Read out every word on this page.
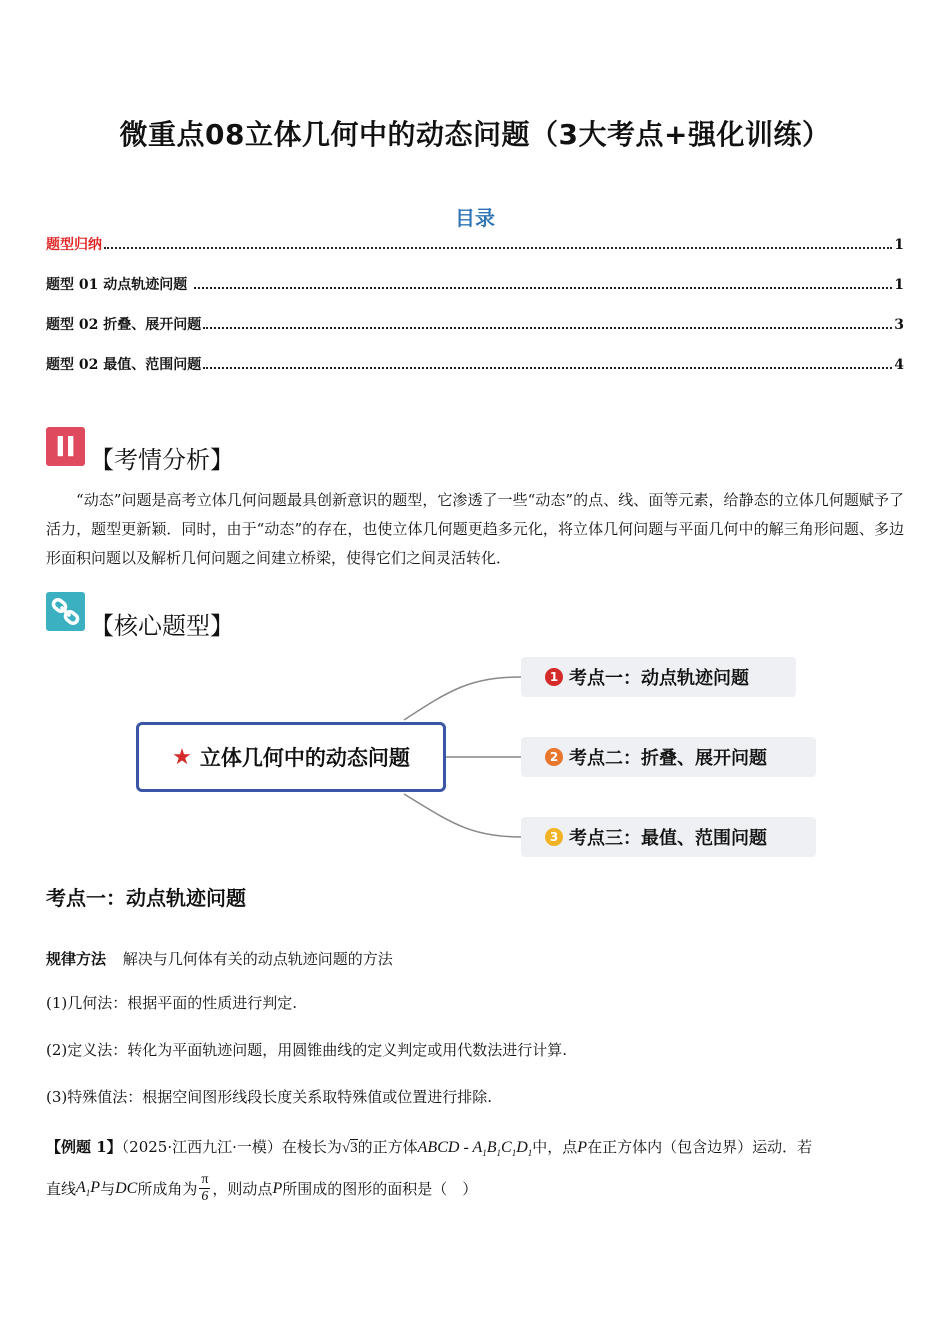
微重点08立体几何中的动态问题（3大考点+强化训练）
目录
题型归纳	1
题型 01 动点轨迹问题	1
题型 02 折叠、展开问题	3
题型 02 最值、范围问题	4
II 【考情分析】
“动态”问题是高考立体几何问题最具创新意识的题型，它渗透了一些“动态”的点、线、面等元素，给静态的立体几何题赋予了活力，题型更新颖．同时，由于“动态”的存在，也使立体几何题更趋多元化，将立体几何问题与平面几何中的解三角形问题、多边形面积问题以及解析几何问题之间建立桥梁，使得它们之间灵活转化．
【核心题型】
★ 立体几何中的动态问题
1 考点一：动点轨迹问题
2 考点二：折叠、展开问题
3 考点三：最值、范围问题
考点一：动点轨迹问题
规律方法 解决与几何体有关的动点轨迹问题的方法
(1)几何法：根据平面的性质进行判定.
(2)定义法：转化为平面轨迹问题，用圆锥曲线的定义判定或用代数法进行计算.
(3)特殊值法：根据空间图形线段长度关系取特殊值或位置进行排除.
【例题 1】（2025·江西九江·一模）在棱长为√3的正方体ABCD - $A_1B_1C_1D_1$中，点P在正方体内（包含边界）运动．若
直线 $A_1P$ 与 DC 所成角为 $\frac{\pi}{6}$ ，则动点 P 所围成的图形的面积是（　）
